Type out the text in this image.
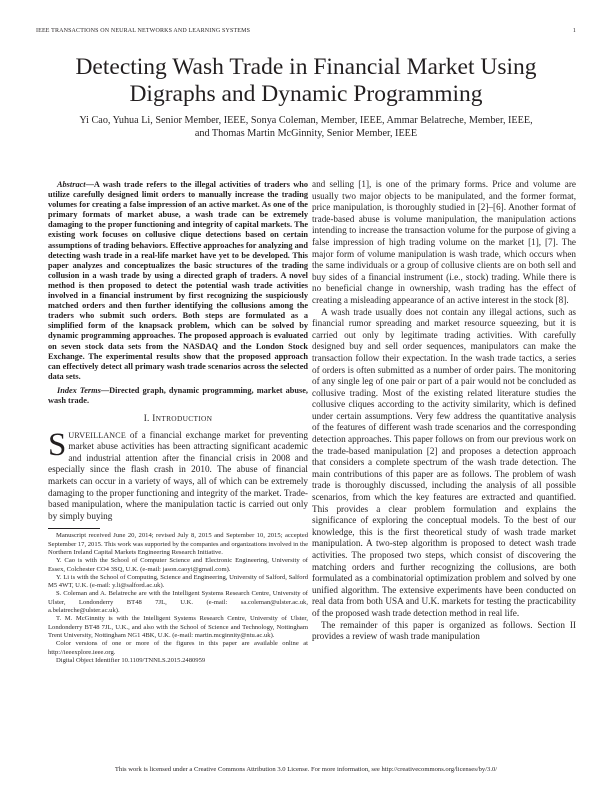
IEEE TRANSACTIONS ON NEURAL NETWORKS AND LEARNING SYSTEMS	1
Detecting Wash Trade in Financial Market Using Digraphs and Dynamic Programming
Yi Cao, Yuhua Li, Senior Member, IEEE, Sonya Coleman, Member, IEEE, Ammar Belatreche, Member, IEEE,
and Thomas Martin McGinnity, Senior Member, IEEE

Abstract—A wash trade refers to the illegal activities of traders who utilize carefully designed limit orders to manually increase the trading volumes for creating a false impression of an active market. As one of the primary formats of market abuse, a wash trade can be extremely damaging to the proper functioning and integrity of capital markets. The existing work focuses on collusive clique detections based on certain assumptions of trading behaviors. Effective approaches for analyzing and detecting wash trade in a real-life market have yet to be developed. This paper analyzes and conceptualizes the basic structures of the trading collusion in a wash trade by using a directed graph of traders. A novel method is then proposed to detect the potential wash trade activities involved in a financial instrument by first recognizing the suspiciously matched orders and then further identifying the collusions among the traders who submit such orders. Both steps are formulated as a simplified form of the knapsack problem, which can be solved by dynamic programming approaches. The proposed approach is evaluated on seven stock data sets from the NASDAQ and the London Stock Exchange. The experimental results show that the proposed approach can effectively detect all primary wash trade scenarios across the selected data sets.

Index Terms—Directed graph, dynamic programming, market abuse, wash trade.

I. INTRODUCTION

SURVEILLANCE of a financial exchange market for preventing market abuse activities has been attracting significant academic and industrial attention after the financial crisis in 2008 and especially since the flash crash in 2010. The abuse of financial markets can occur in a variety of ways, all of which can be extremely damaging to the proper functioning and integrity of the market. Trade-based manipulation, where the manipulation tactic is carried out only by simply buying

Manuscript received June 20, 2014; revised July 8, 2015 and September 10, 2015; accepted September 17, 2015. This work was supported by the companies and organizations involved in the Northern Ireland Capital Markets Engineering Research Initiative.

Y. Cao is with the School of Computer Science and Electronic Engineering, University of Essex, Colchester CO4 3SQ, U.K. (e-mail: jason.caoyi@gmail.com).

Y. Li is with the School of Computing, Science and Engineering, University of Salford, Salford M5 4WT, U.K. (e-mail: y.li@salford.ac.uk).

S. Coleman and A. Belatreche are with the Intelligent Systems Research Centre, University of Ulster, Londonderry BT48 7JL, U.K. (e-mail: sa.coleman@ulster.ac.uk, a.belatreche@ulster.ac.uk).

T. M. McGinnity is with the Intelligent Systems Research Centre, University of Ulster, Londonderry BT48 7JL, U.K., and also with the School of Science and Technology, Nottingham Trent University, Nottingham NG1 4BK, U.K. (e-mail: martin.mcginnity@ntu.ac.uk).

Color versions of one or more of the figures in this paper are available online at http://ieeexplore.ieee.org.

Digital Object Identifier 10.1109/TNNLS.2015.2480959

and selling [1], is one of the primary forms. Price and volume are usually two major objects to be manipulated, and the former format, price manipulation, is thoroughly studied in [2]–[6]. Another format of trade-based abuse is volume manipulation, the manipulation actions intending to increase the transaction volume for the purpose of giving a false impression of high trading volume on the market [1], [7]. The major form of volume manipulation is wash trade, which occurs when the same individuals or a group of collusive clients are on both sell and buy sides of a financial instrument (i.e., stock) trading. While there is no beneficial change in ownership, wash trading has the effect of creating a misleading appearance of an active interest in the stock [8].

A wash trade usually does not contain any illegal actions, such as financial rumor spreading and market resource squeezing, but it is carried out only by legitimate trading activities. With carefully designed buy and sell order sequences, manipulators can make the transaction follow their expectation. In the wash trade tactics, a series of orders is often submitted as a number of order pairs. The monitoring of any single leg of one pair or part of a pair would not be concluded as collusive trading. Most of the existing related literature studies the collusive cliques according to the activity similarity, which is defined under certain assumptions. Very few address the quantitative analysis of the features of different wash trade scenarios and the corresponding detection approaches. This paper follows on from our previous work on the trade-based manipulation [2] and proposes a detection approach that considers a complete spectrum of the wash trade detection. The main contributions of this paper are as follows. The problem of wash trade is thoroughly discussed, including the analysis of all possible scenarios, from which the key features are extracted and quantified. This provides a clear problem formulation and explains the significance of exploring the conceptual models. To the best of our knowledge, this is the first theoretical study of wash trade market manipulation. A two-step algorithm is proposed to detect wash trade activities. The proposed two steps, which consist of discovering the matching orders and further recognizing the collusions, are both formulated as a combinatorial optimization problem and solved by one unified algorithm. The extensive experiments have been conducted on real data from both USA and U.K. markets for testing the practicability of the proposed wash trade detection method in real life.

The remainder of this paper is organized as follows. Section II provides a review of wash trade manipulation

This work is licensed under a Creative Commons Attribution 3.0 License. For more information, see http://creativecommons.org/licenses/by/3.0/
